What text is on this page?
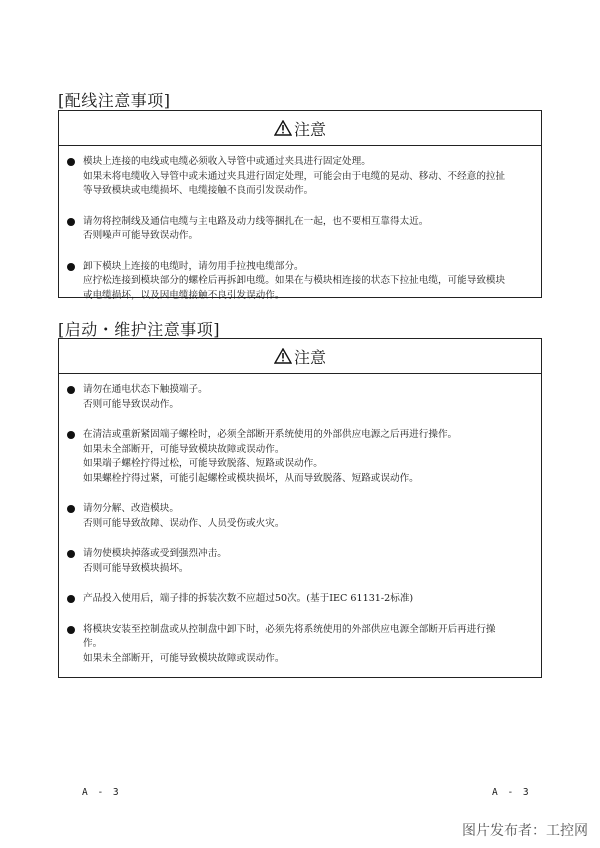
[配线注意事项]
注意
模块上连接的电线或电缆必须收入导管中或通过夹具进行固定处理。
如果未将电缆收入导管中或未通过夹具进行固定处理，可能会由于电缆的晃动、移动、不经意的拉扯
等导致模块或电缆损坏、电缆接触不良而引发误动作。
请勿将控制线及通信电缆与主电路及动力线等捆扎在一起，也不要相互靠得太近。
否则噪声可能导致误动作。
卸下模块上连接的电缆时，请勿用手拉拽电缆部分。
应拧松连接到模块部分的螺栓后再拆卸电缆。如果在与模块相连接的状态下拉扯电缆，可能导致模块
或电缆损坏，以及因电缆接触不良引发误动作。
[启动・维护注意事项]
注意
请勿在通电状态下触摸端子。
否则可能导致误动作。
在清洁或重新紧固端子螺栓时，必须全部断开系统使用的外部供应电源之后再进行操作。
如果未全部断开，可能导致模块故障或误动作。
如果端子螺栓拧得过松，可能导致脱落、短路或误动作。
如果螺栓拧得过紧，可能引起螺栓或模块损坏，从而导致脱落、短路或误动作。
请勿分解、改造模块。
否则可能导致故障、误动作、人员受伤或火灾。
请勿使模块掉落或受到强烈冲击。
否则可能导致模块损坏。
产品投入使用后，端子排的拆装次数不应超过50次。(基于IEC 61131-2标准)
将模块安装至控制盘或从控制盘中卸下时，必须先将系统使用的外部供应电源全部断开后再进行操
作。
如果未全部断开，可能导致模块故障或误动作。
A - 3	A - 3
图片发布者：工控网
